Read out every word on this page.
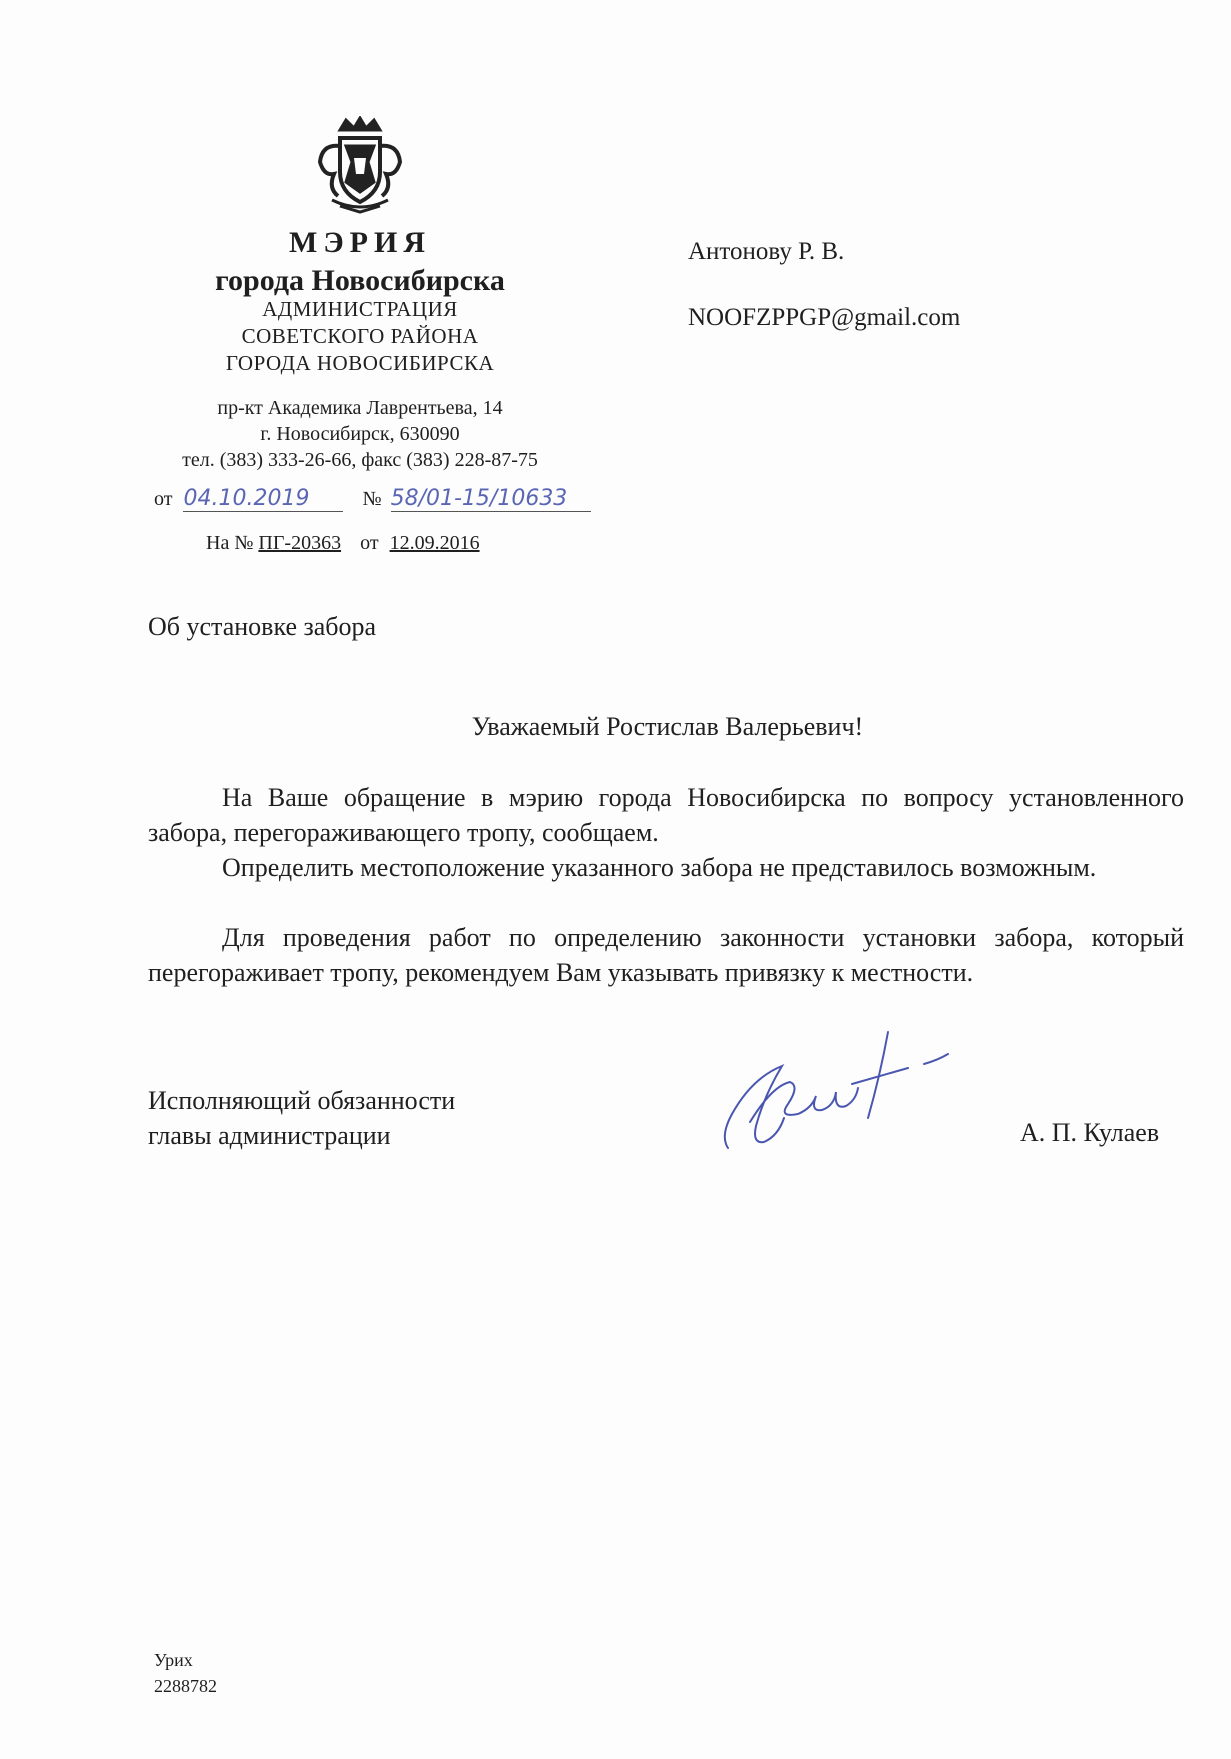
МЭРИЯ
города Новосибирска
АДМИНИСТРАЦИЯ
СОВЕТСКОГО РАЙОНА
ГОРОДА НОВОСИБИРСКА
пр-кт Академика Лаврентьева, 14
г. Новосибирск, 630090
тел. (383) 333-26-66, факс (383) 228-87-75
от 04.10.2019	№ 58/01-15/10633
На № ПГ-20363 от 12.09.2016
Антонову Р. В.
NOOFZPPGP@gmail.com
Об установке забора
Уважаемый Ростислав Валерьевич!
На Ваше обращение в мэрию города Новосибирска по вопросу установленного забора, перегораживающего тропу, сообщаем.
Определить местоположение указанного забора не представилось возможным.
Для проведения работ по определению законности установки забора, который перегораживает тропу, рекомендуем Вам указывать привязку к местности.
Исполняющий обязанности
главы администрации	А. П. Кулаев
Урих
2288782
